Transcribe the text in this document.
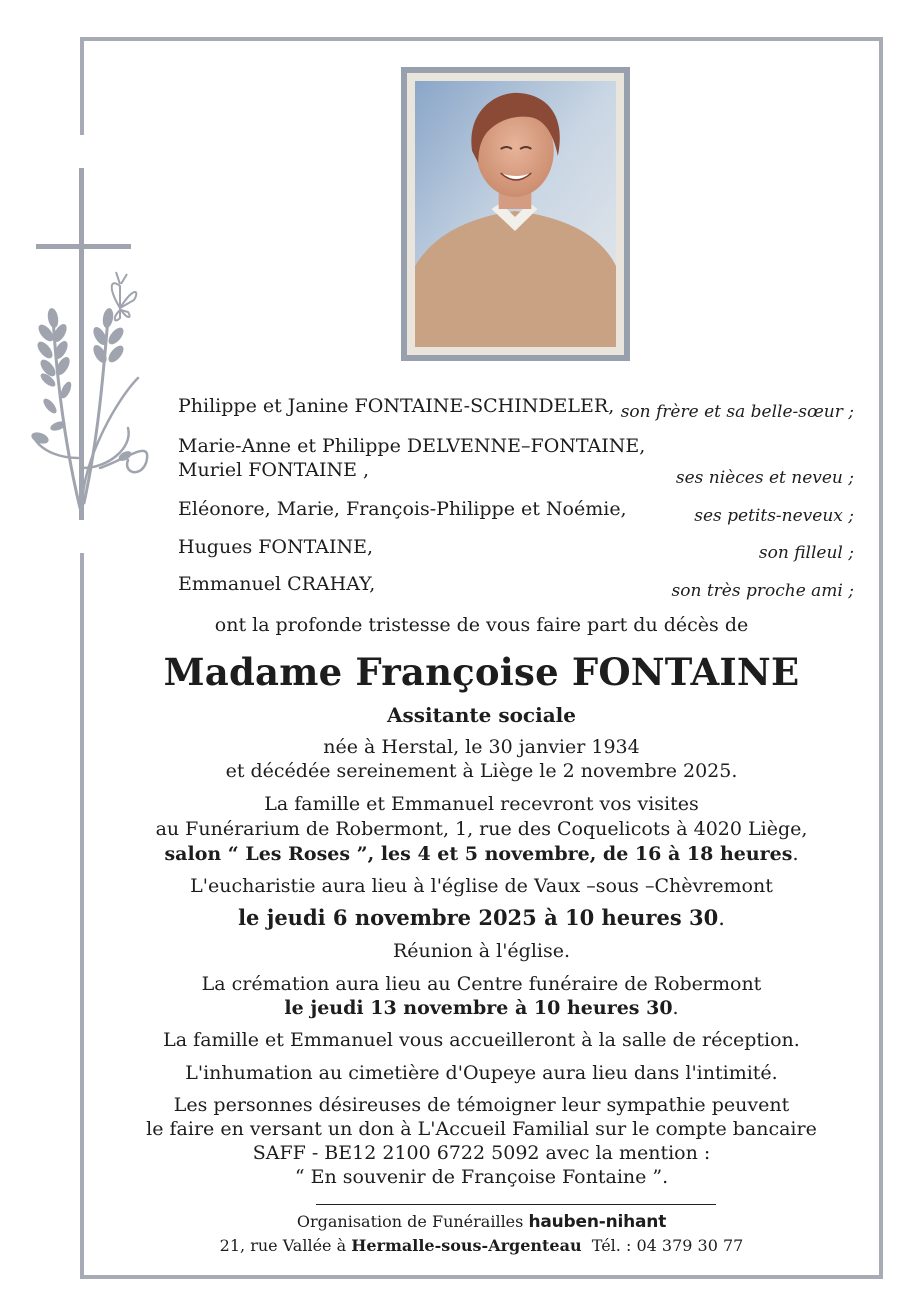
Philippe et Janine FONTAINE-SCHINDELER, son frère et sa belle-sœur ;
Marie-Anne et Philippe DELVENNE–FONTAINE,
Muriel FONTAINE ,	ses nièces et neveu ;
Eléonore, Marie, François-Philippe et Noémie,	ses petits-neveux ;
Hugues FONTAINE,	son filleul ;
Emmanuel CRAHAY,	son très proche ami ;
ont la profonde tristesse de vous faire part du décès de
Madame Françoise FONTAINE
Assitante sociale
née à Herstal, le 30 janvier 1934
et décédée sereinement à Liège le 2 novembre 2025.
La famille et Emmanuel recevront vos visites
au Funérarium de Robermont, 1, rue des Coquelicots à 4020 Liège,
salon “ Les Roses ”, les 4 et 5 novembre, de 16 à 18 heures.
L'eucharistie aura lieu à l'église de Vaux –sous –Chèvremont
le jeudi 6 novembre 2025 à 10 heures 30.
Réunion à l'église.
La crémation aura lieu au Centre funéraire de Robermont
le jeudi 13 novembre à 10 heures 30.
La famille et Emmanuel vous accueilleront à la salle de réception.
L'inhumation au cimetière d'Oupeye aura lieu dans l'intimité.
Les personnes désireuses de témoigner leur sympathie peuvent
le faire en versant un don à L'Accueil Familial sur le compte bancaire
SAFF - BE12 2100 6722 5092 avec la mention :
“ En souvenir de Françoise Fontaine ”.
Organisation de Funérailles hauben-nihant
21, rue Vallée à Hermalle-sous-Argenteau Tél. : 04 379 30 77
